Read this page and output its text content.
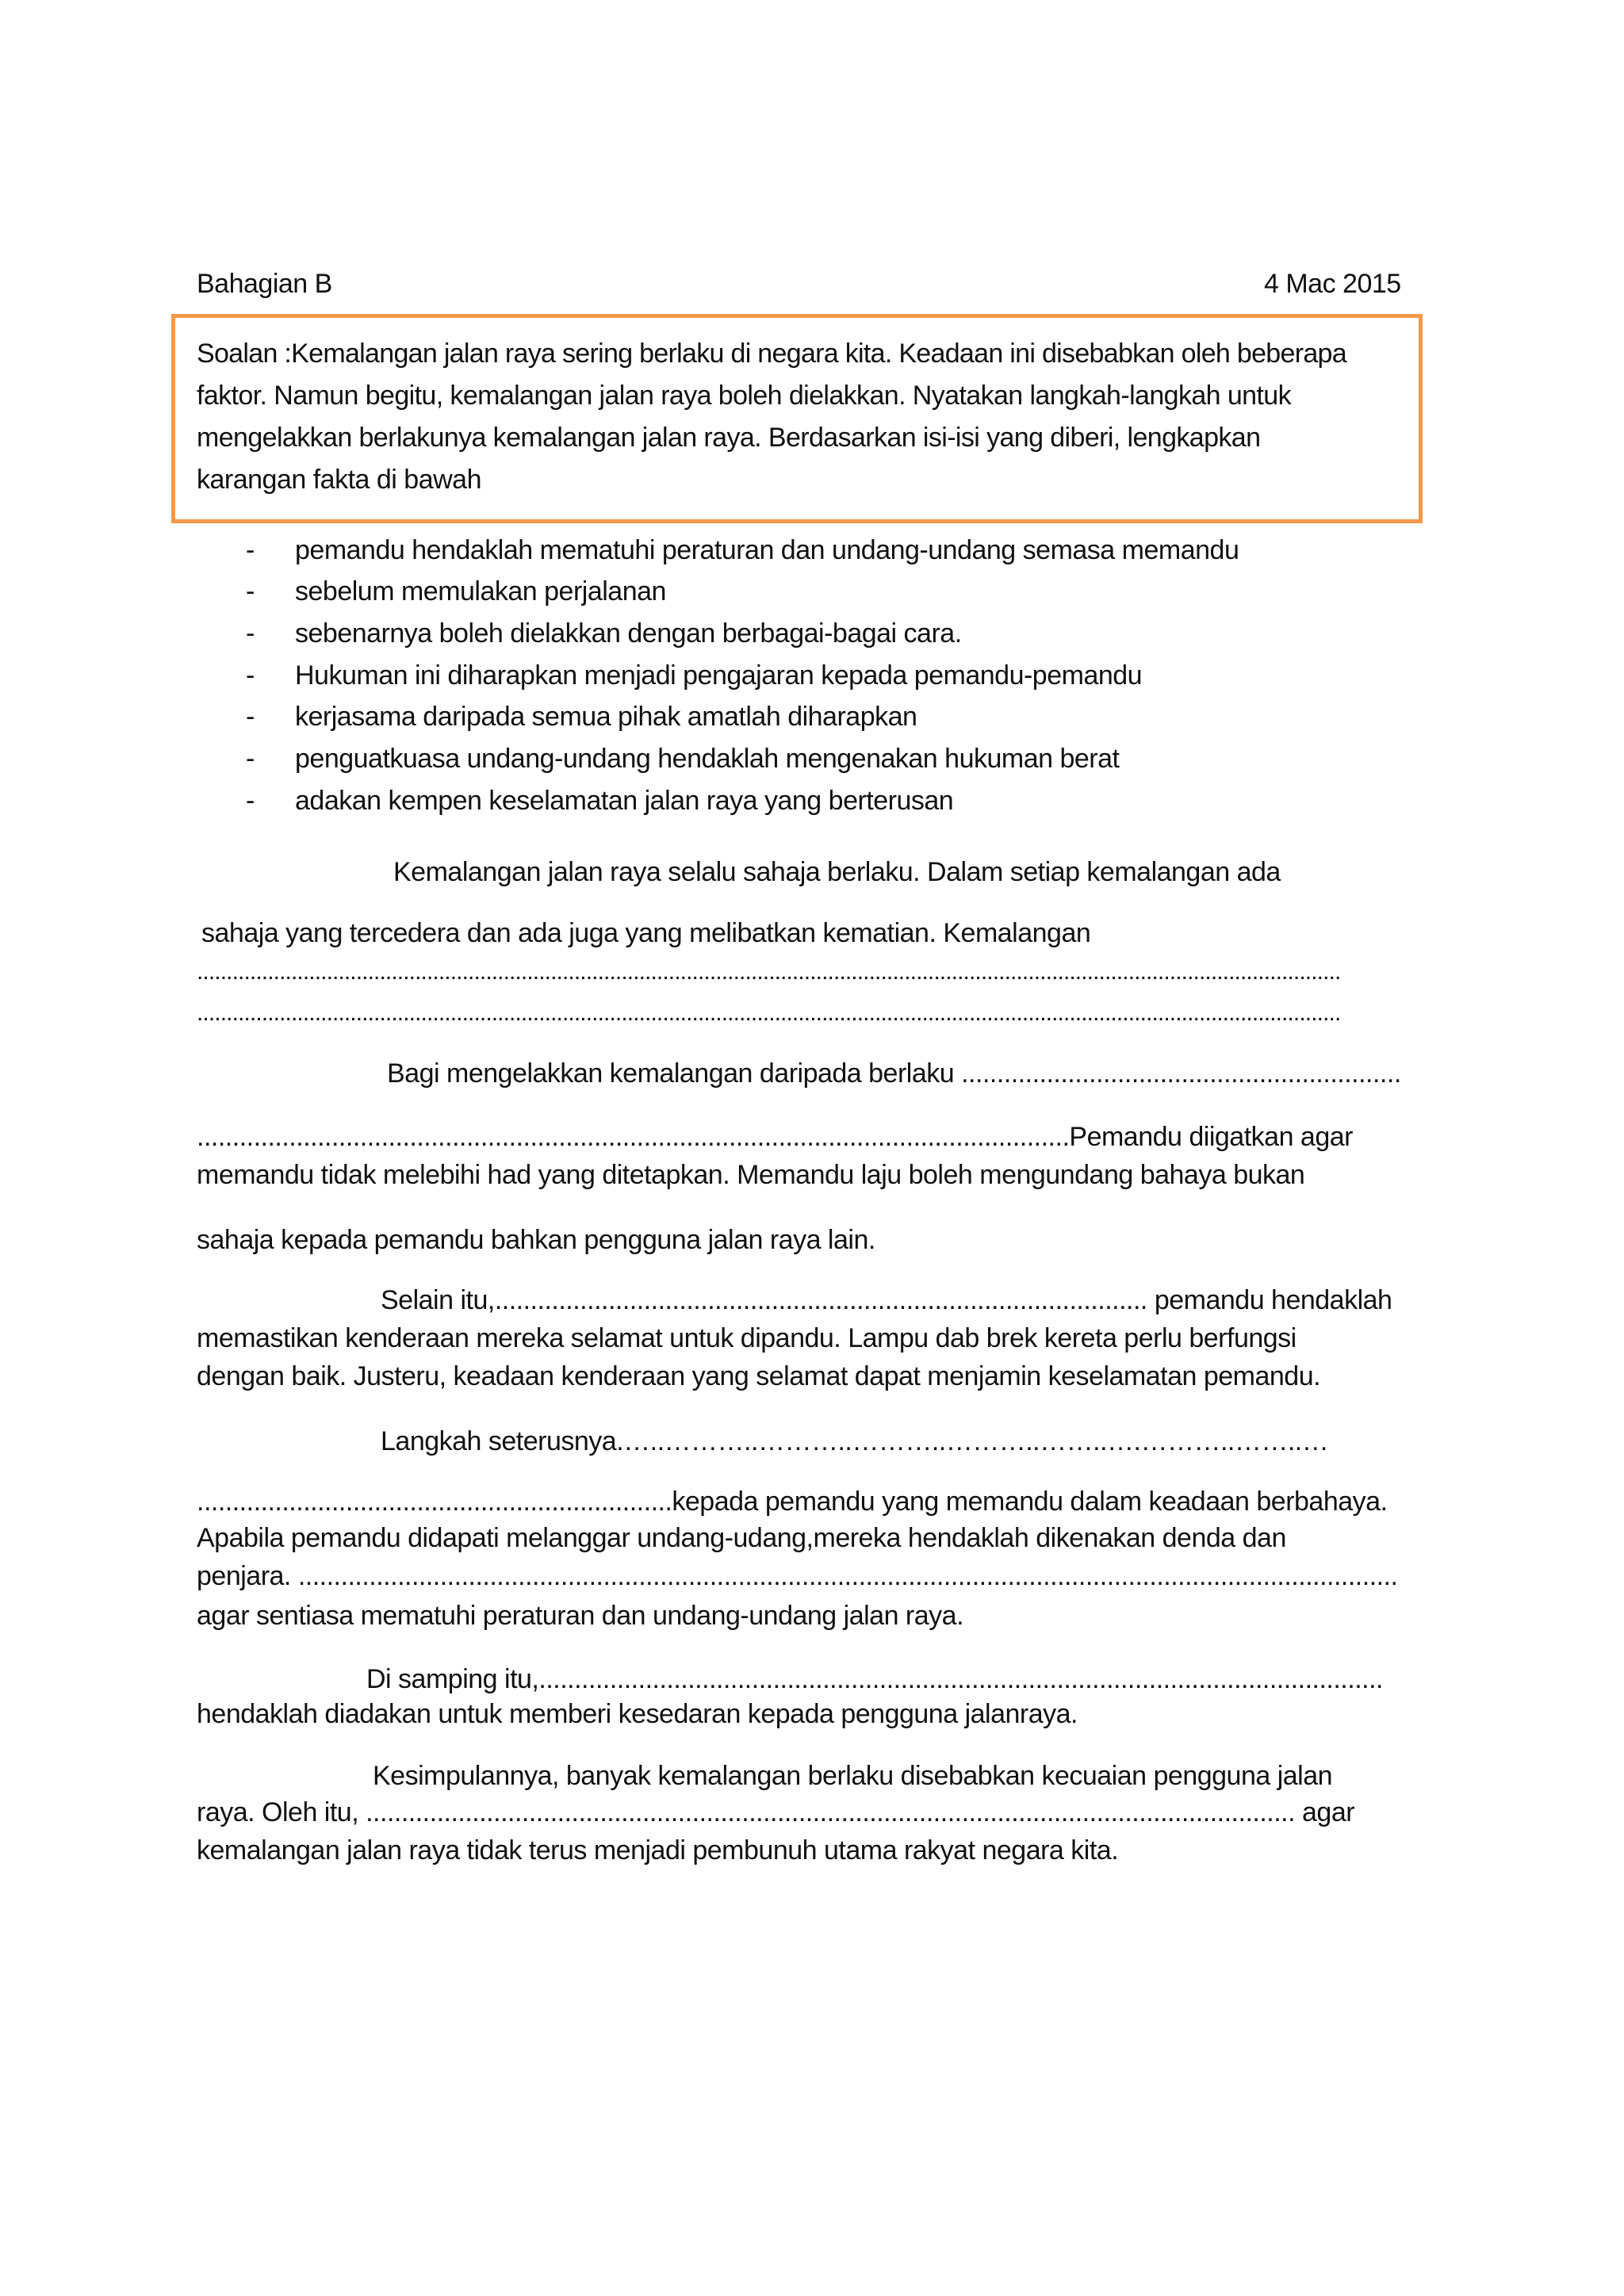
Bahagian B	4 Mac 2015
Soalan :Kemalangan jalan raya sering berlaku di negara kita. Keadaan ini disebabkan oleh beberapa
faktor. Namun begitu, kemalangan jalan raya boleh dielakkan. Nyatakan langkah-langkah untuk
mengelakkan berlakunya kemalangan jalan raya. Berdasarkan isi-isi yang diberi, lengkapkan
karangan fakta di bawah
- pemandu hendaklah mematuhi peraturan dan undang-undang semasa memandu
- sebelum memulakan perjalanan
- sebenarnya boleh dielakkan dengan berbagai-bagai cara.
- Hukuman ini diharapkan menjadi pengajaran kepada pemandu-pemandu
- kerjasama daripada semua pihak amatlah diharapkan
- penguatkuasa undang-undang hendaklah mengenakan hukuman berat
- adakan kempen keselamatan jalan raya yang berterusan
Kemalangan jalan raya selalu sahaja berlaku. Dalam setiap kemalangan ada
sahaja yang tercedera dan ada juga yang melibatkan kematian. Kemalangan
..................................................................................................................................................................................................
..................................................................................................................................................................................................
Bagi mengelakkan kemalangan daripada berlaku ..............................................................
...........................................................................................................................Pemandu diigatkan agar
memandu tidak melebihi had yang ditetapkan. Memandu laju boleh mengundang bahaya bukan
sahaja kepada pemandu bahkan pengguna jalan raya lain.
Selain itu,............................................................................................ pemandu hendaklah
memastikan kenderaan mereka selamat untuk dipandu. Lampu dab brek kereta perlu berfungsi
dengan baik. Justeru, keadaan kenderaan yang selamat dapat menjamin keselamatan pemandu.
Langkah seterusnya.…..………..………..………..………..……..….………..……..…
...................................................................kepada pemandu yang memandu dalam keadaan berbahaya.
Apabila pemandu didapati melanggar undang-udang,mereka hendaklah dikenakan denda dan
penjara. ...........................................................................................................................................................
agar sentiasa mematuhi peraturan dan undang-undang jalan raya.
Di samping itu,.......................................................................................................................
hendaklah diadakan untuk memberi kesedaran kepada pengguna jalanraya.
Kesimpulannya, banyak kemalangan berlaku disebabkan kecuaian pengguna jalan
raya. Oleh itu, ................................................................................................................................... agar
kemalangan jalan raya tidak terus menjadi pembunuh utama rakyat negara kita.
